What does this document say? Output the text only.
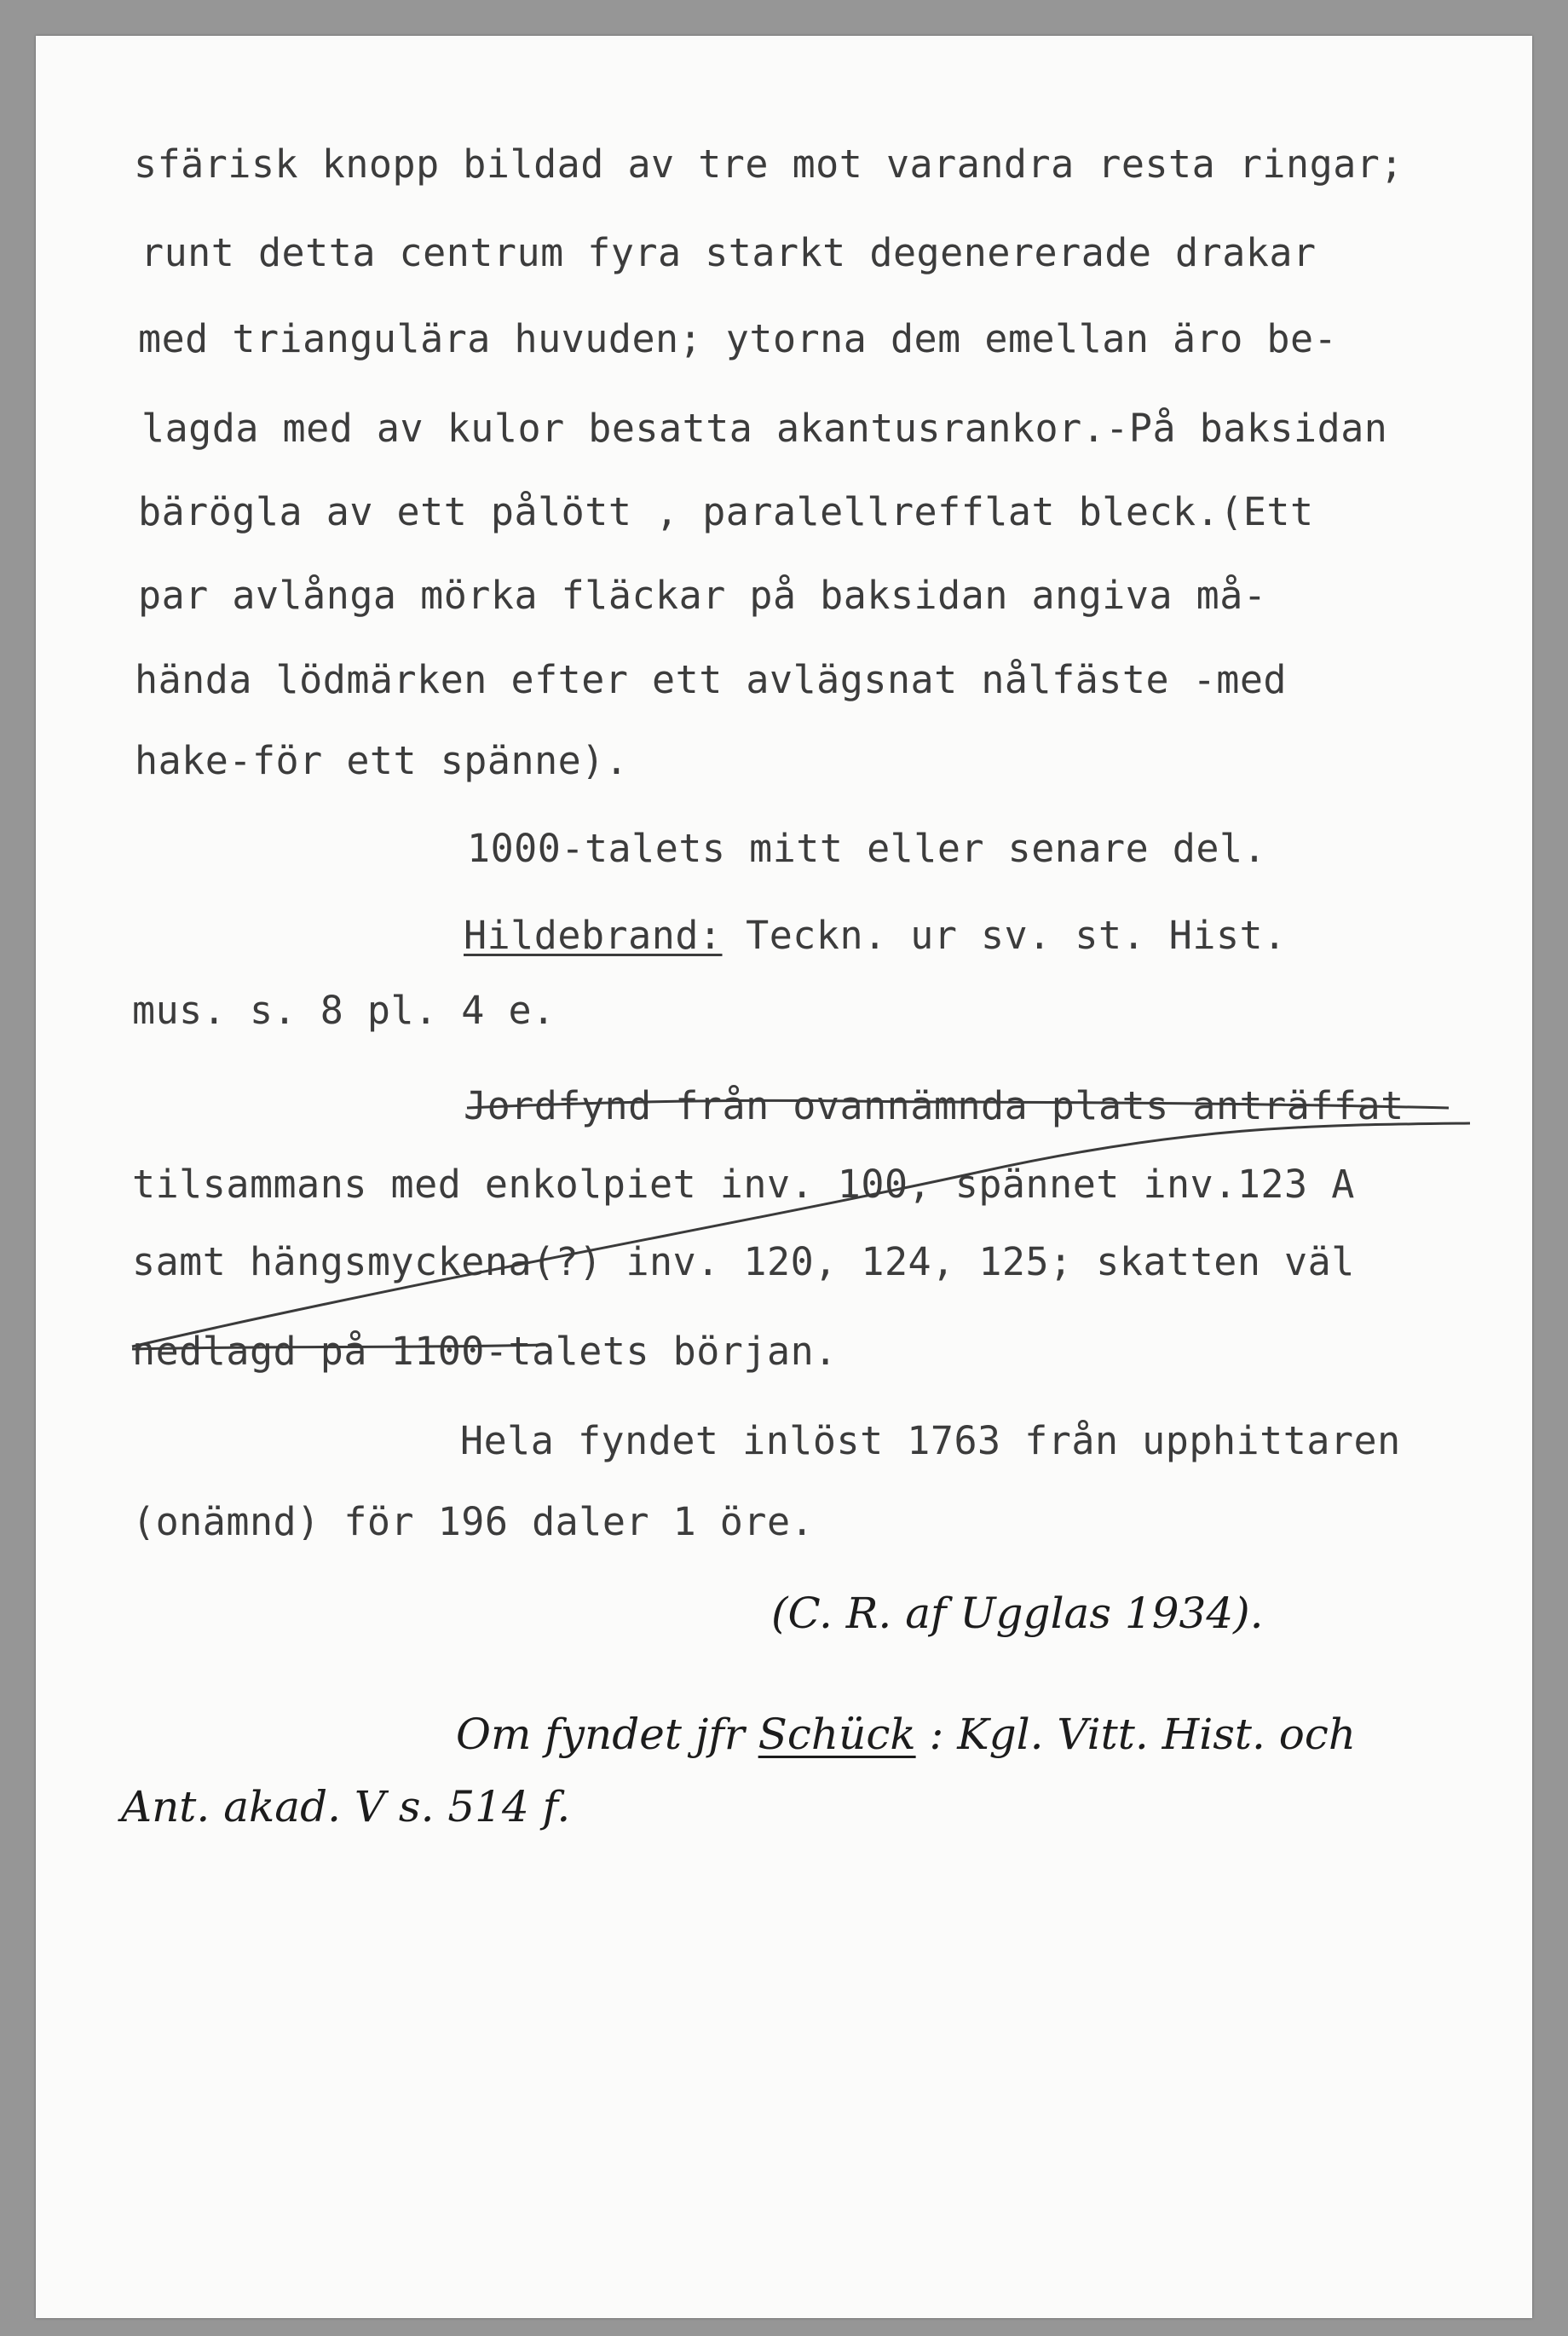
sfärisk knopp bildad av tre mot varandra resta ringar;
runt detta centrum fyra starkt degenererade drakar
med triangulära huvuden; ytorna dem emellan äro be-
lagda med av kulor besatta akantusrankor.-På baksidan
bärögla av ett pålött , paralellrefflat bleck.(Ett
par avlånga mörka fläckar på baksidan angiva må-
hända lödmärken efter ett avlägsnat nålfäste -med
hake-för ett spänne).
1000-talets mitt eller senare del.
Hildebrand: Teckn. ur sv. st. Hist.
mus. s. 8 pl. 4 e.
Jordfynd från ovannämnda plats anträffat
tilsammans med enkolpiet inv. 100, spännet inv.123 A
samt hängsmyckena(?) inv. 120, 124, 125; skatten väl
nedlagd på 1100-talets början.
Hela fyndet inlöst 1763 från upphittaren
(onämnd) för 196 daler 1 öre.
(C. R. af Ugglas 1934).
Om fyndet jfr Schück : Kgl. Vitt. Hist. och
Ant. akad. V s. 514 f.
